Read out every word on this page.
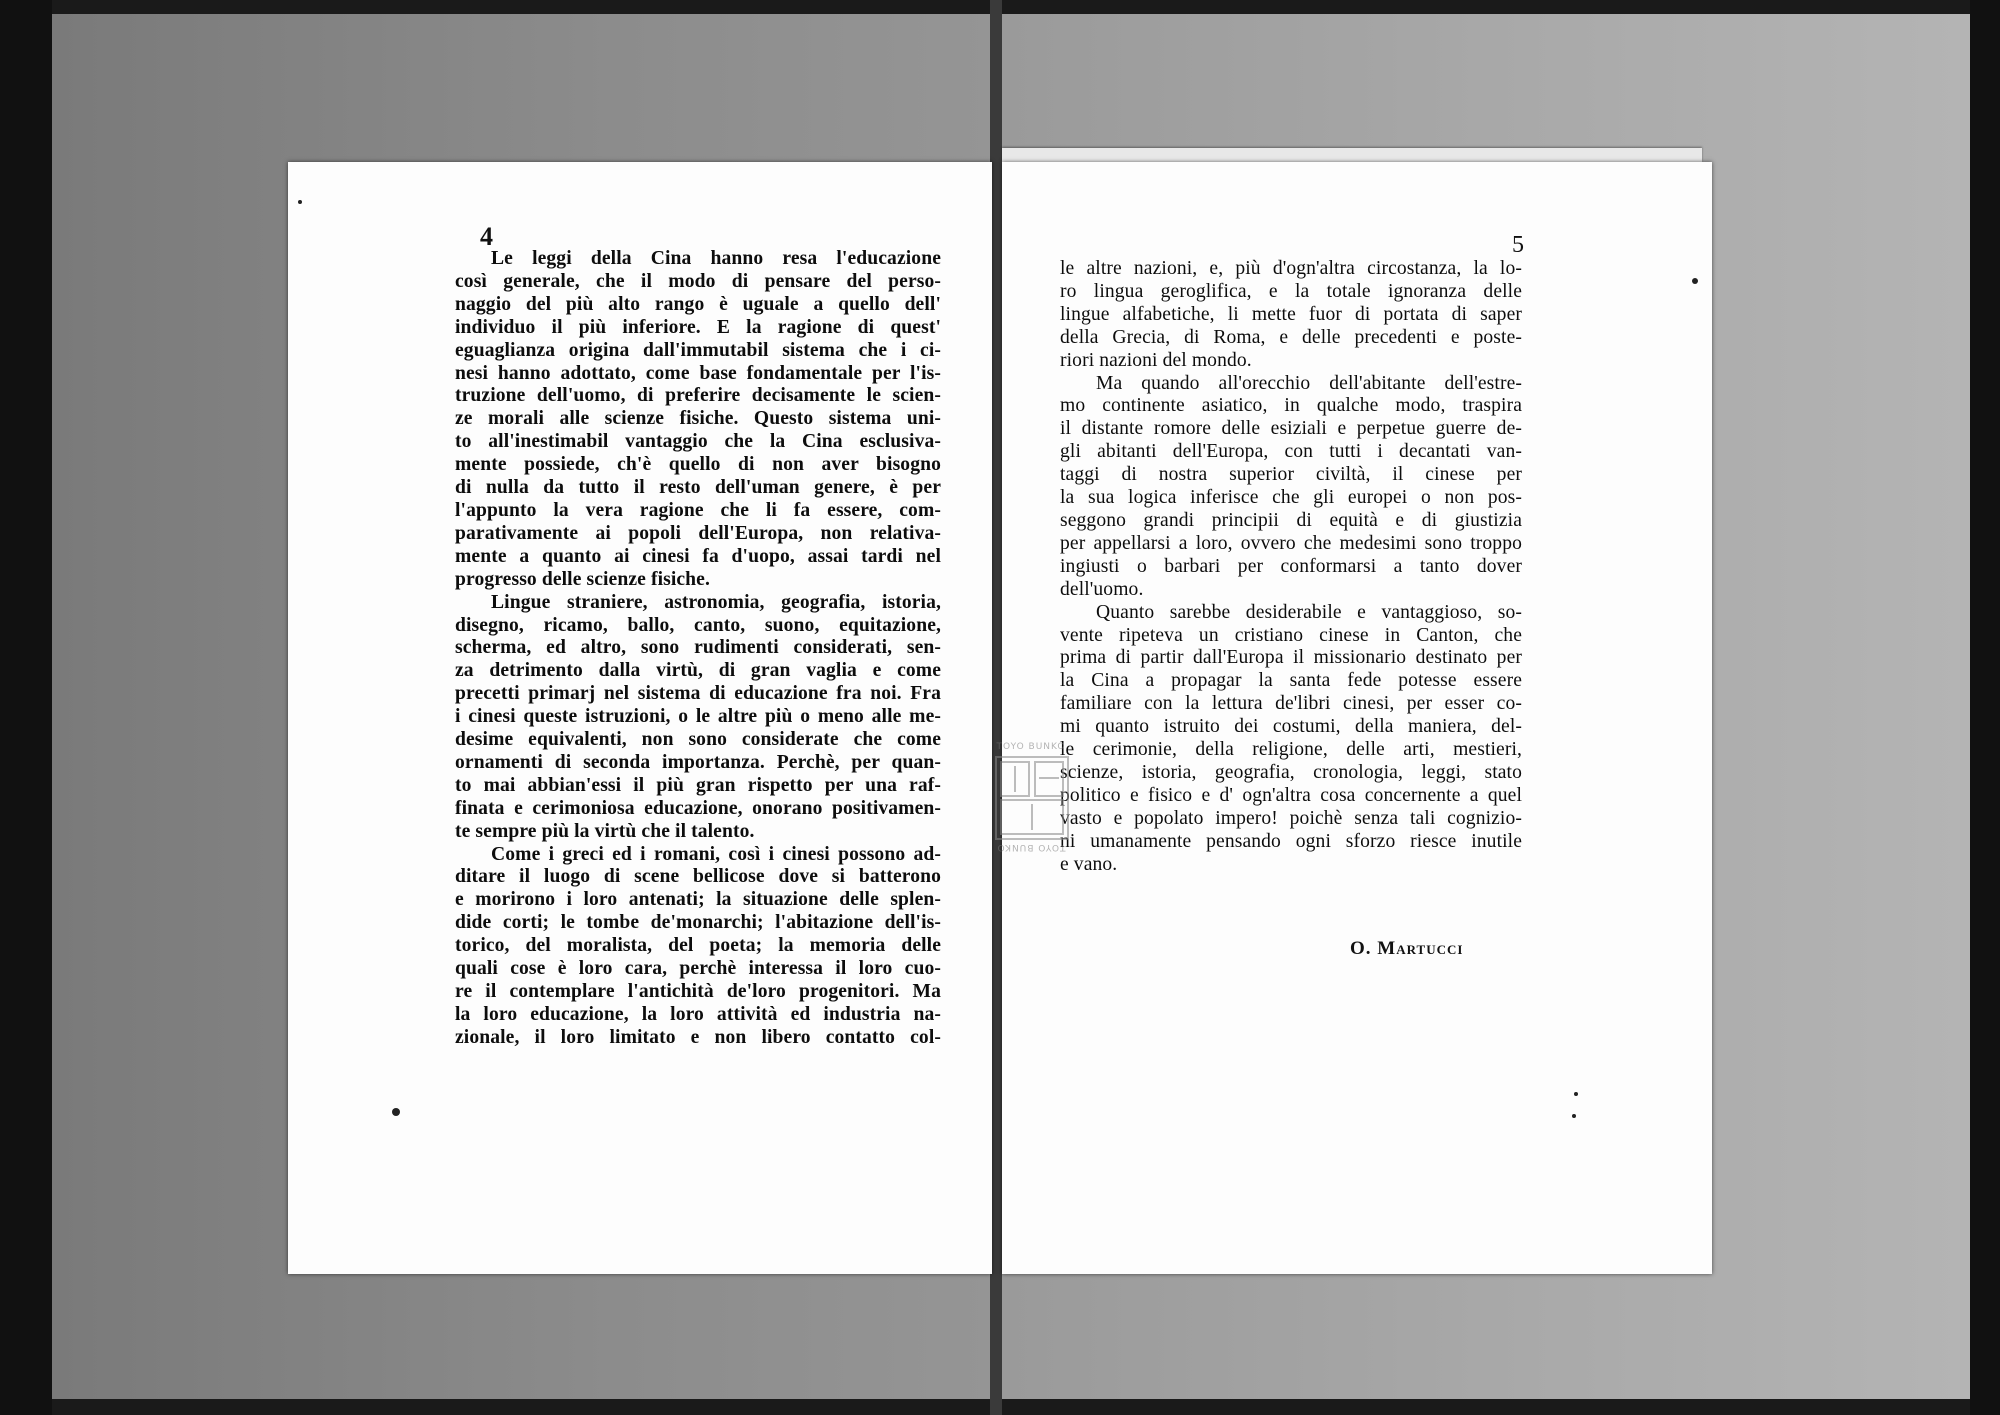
4	5
Le leggi della Cina hanno resa l'educazione
così generale, che il modo di pensare del perso-
naggio del più alto rango è uguale a quello dell'
individuo il più inferiore. E la ragione di quest'
eguaglianza origina dall'immutabil sistema che i ci-
nesi hanno adottato, come base fondamentale per l'is-
truzione dell'uomo, di preferire decisamente le scien-
ze morali alle scienze fisiche. Questo sistema uni-
to all'inestimabil vantaggio che la Cina esclusiva-
mente possiede, ch'è quello di non aver bisogno
di nulla da tutto il resto dell'uman genere, è per
l'appunto la vera ragione che li fa essere, com-
parativamente ai popoli dell'Europa, non relativa-
mente a quanto ai cinesi fa d'uopo, assai tardi nel
progresso delle scienze fisiche.
Lingue straniere, astronomia, geografia, istoria,
disegno, ricamo, ballo, canto, suono, equitazione,
scherma, ed altro, sono rudimenti considerati, sen-
za detrimento dalla virtù, di gran vaglia e come
precetti primarj nel sistema di educazione fra noi. Fra
i cinesi queste istruzioni, o le altre più o meno alle me-
desime equivalenti, non sono considerate che come
ornamenti di seconda importanza. Perchè, per quan-
to mai abbian'essi il più gran rispetto per una raf-
finata e cerimoniosa educazione, onorano positivamen-
te sempre più la virtù che il talento.
Come i greci ed i romani, così i cinesi possono ad-
ditare il luogo di scene bellicose dove si batterono
e morirono i loro antenati; la situazione delle splen-
dide corti; le tombe de'monarchi; l'abitazione dell'is-
torico, del moralista, del poeta; la memoria delle
quali cose è loro cara, perchè interessa il loro cuo-
re il contemplare l'antichità de'loro progenitori. Ma
la loro educazione, la loro attività ed industria na-
zionale, il loro limitato e non libero contatto col-
le altre nazioni, e, più d'ogn'altra circostanza, la lo-
ro lingua geroglifica, e la totale ignoranza delle
lingue alfabetiche, li mette fuor di portata di saper
della Grecia, di Roma, e delle precedenti e poste-
riori nazioni del mondo.
Ma quando all'orecchio dell'abitante dell'estre-
mo continente asiatico, in qualche modo, traspira
il distante romore delle esiziali e perpetue guerre de-
gli abitanti dell'Europa, con tutti i decantati van-
taggi di nostra superior civiltà, il cinese per
la sua logica inferisce che gli europei o non pos-
seggono grandi principii di equità e di giustizia
per appellarsi a loro, ovvero che medesimi sono troppo
ingiusti o barbari per conformarsi a tanto dover
dell'uomo.
Quanto sarebbe desiderabile e vantaggioso, so-
vente ripeteva un cristiano cinese in Canton, che
prima di partir dall'Europa il missionario destinato per
la Cina a propagar la santa fede potesse essere
familiare con la lettura de'libri cinesi, per esser co-
mi quanto istruito dei costumi, della maniera, del-
le cerimonie, della religione, delle arti, mestieri,
scienze, istoria, geografia, cronologia, leggi, stato
politico e fisico e d' ogn'altra cosa concernente a quel
vasto e popolato impero! poichè senza tali cognizio-
ni umanamente pensando ogni sforzo riesce inutile
e vano.
O. Martucci
TOYO BUNKO
TOYO BUNKO
